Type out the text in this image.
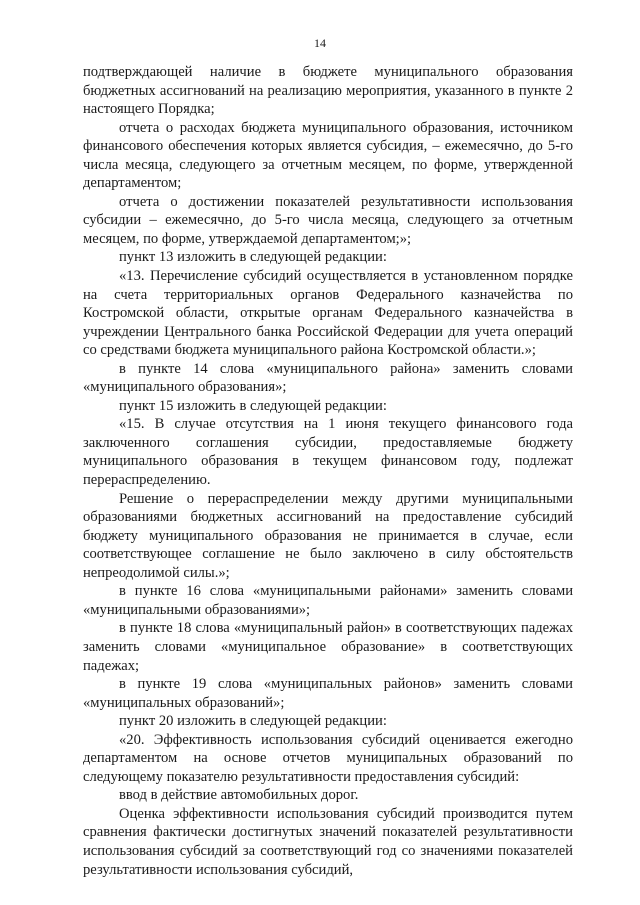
14

подтверждающей наличие в бюджете муниципального образования бюджетных ассигнований на реализацию мероприятия, указанного в пункте 2 настоящего Порядка;

отчета о расходах бюджета муниципального образования, источником финансового обеспечения которых является субсидия, – ежемесячно, до 5-го числа месяца, следующего за отчетным месяцем, по форме, утвержденной департаментом;

отчета о достижении показателей результативности использования субсидии – ежемесячно, до 5-го числа месяца, следующего за отчетным месяцем, по форме, утверждаемой департаментом;»;

пункт 13 изложить в следующей редакции:

«13. Перечисление субсидий осуществляется в установленном порядке на счета территориальных органов Федерального казначейства по Костромской области, открытые органам Федерального казначейства в учреждении Центрального банка Российской Федерации для учета операций со средствами бюджета муниципального района Костромской области.»;

в пункте 14 слова «муниципального района» заменить словами «муниципального образования»;

пункт 15 изложить в следующей редакции:

«15. В случае отсутствия на 1 июня текущего финансового года заключенного соглашения субсидии, предоставляемые бюджету муниципального образования в текущем финансовом году, подлежат перераспределению.

Решение о перераспределении между другими муниципальными образованиями бюджетных ассигнований на предоставление субсидий бюджету муниципального образования не принимается в случае, если соответствующее соглашение не было заключено в силу обстоятельств непреодолимой силы.»;

в пункте 16 слова «муниципальными районами» заменить словами «муниципальными образованиями»;

в пункте 18 слова «муниципальный район» в соответствующих падежах заменить словами «муниципальное образование» в соответствующих падежах;

в пункте 19 слова «муниципальных районов» заменить словами «муниципальных образований»;

пункт 20 изложить в следующей редакции:

«20. Эффективность использования субсидий оценивается ежегодно департаментом на основе отчетов муниципальных образований по следующему показателю результативности предоставления субсидий:

ввод в действие автомобильных дорог.

Оценка эффективности использования субсидий производится путем сравнения фактически достигнутых значений показателей результативности использования субсидий за соответствующий год со значениями показателей результативности использования субсидий,
